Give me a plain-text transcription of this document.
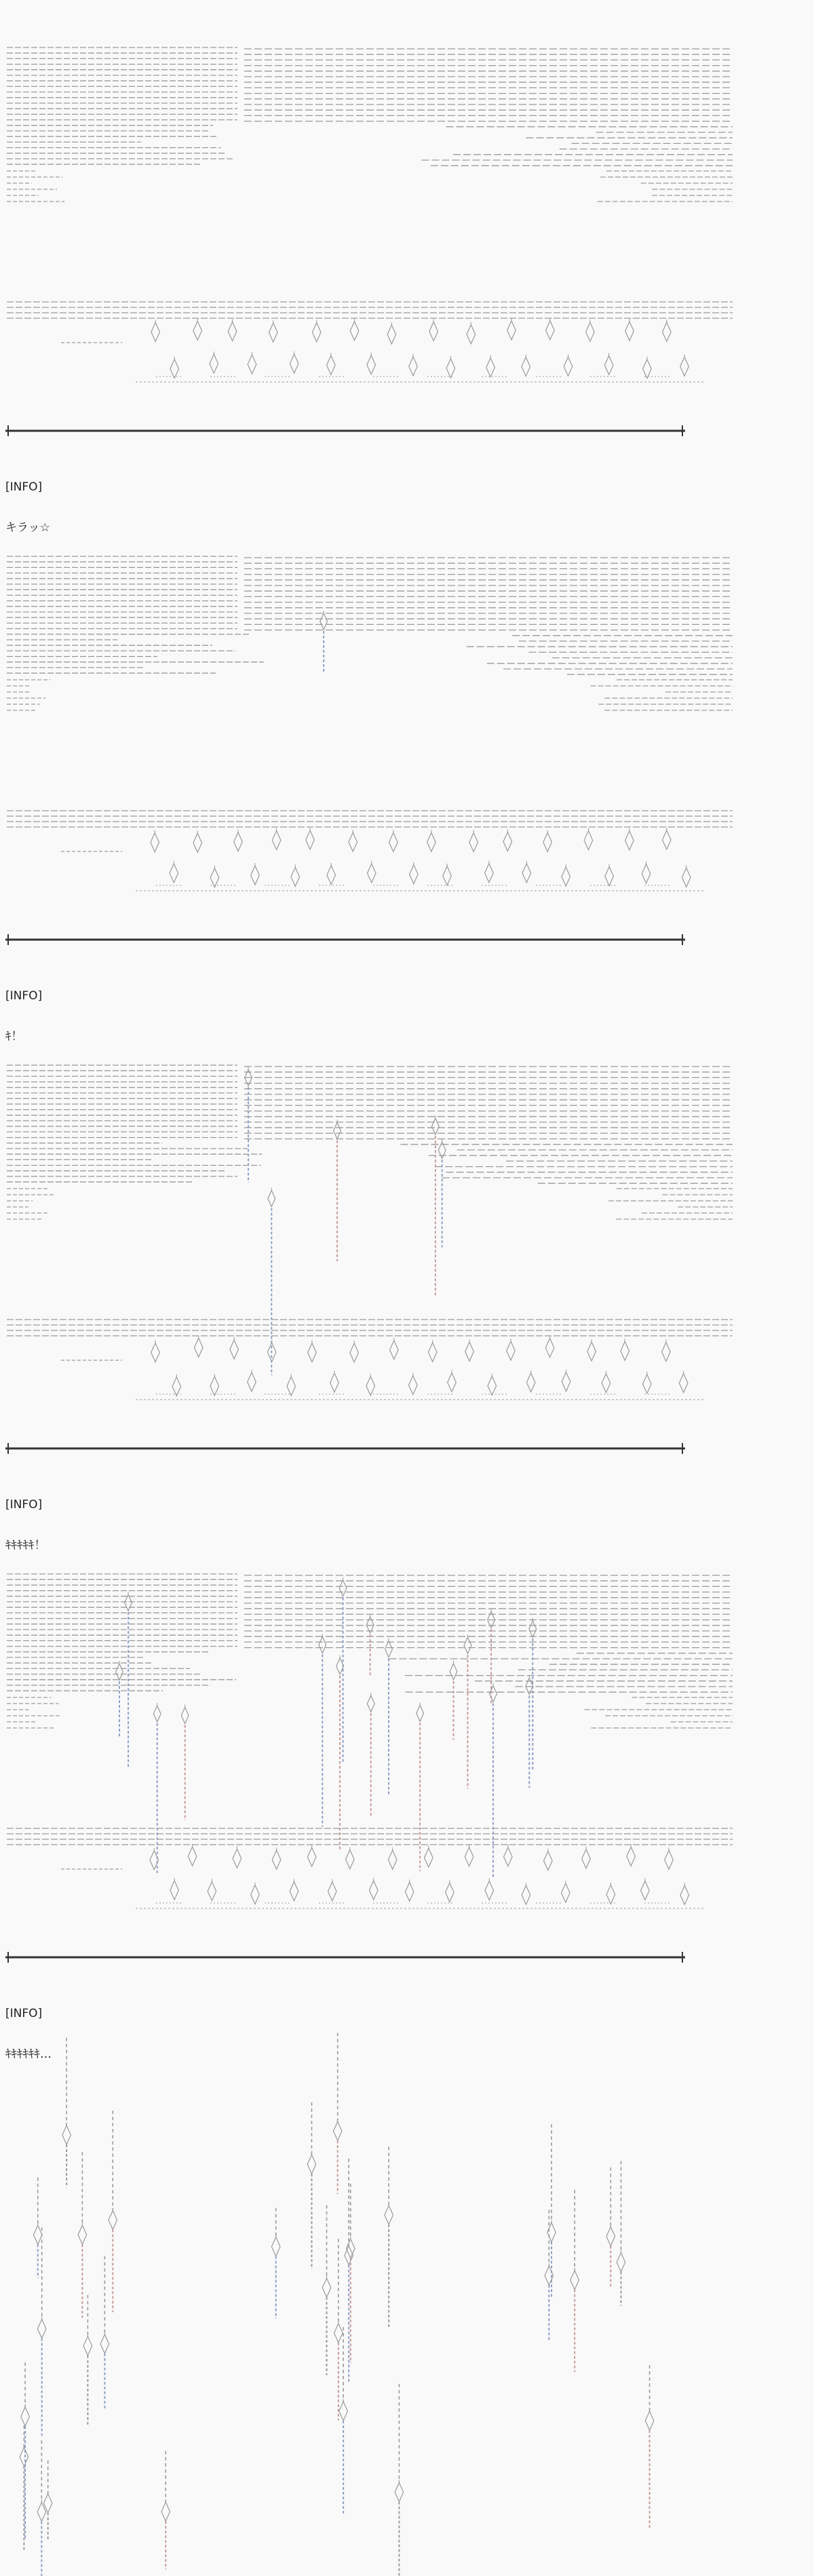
[INFO]

キラッ☆

[INFO]

ｷ！

[INFO]

ｷｷｷｷｷ！

[INFO]

ｷｷｷｷｷｷ…
